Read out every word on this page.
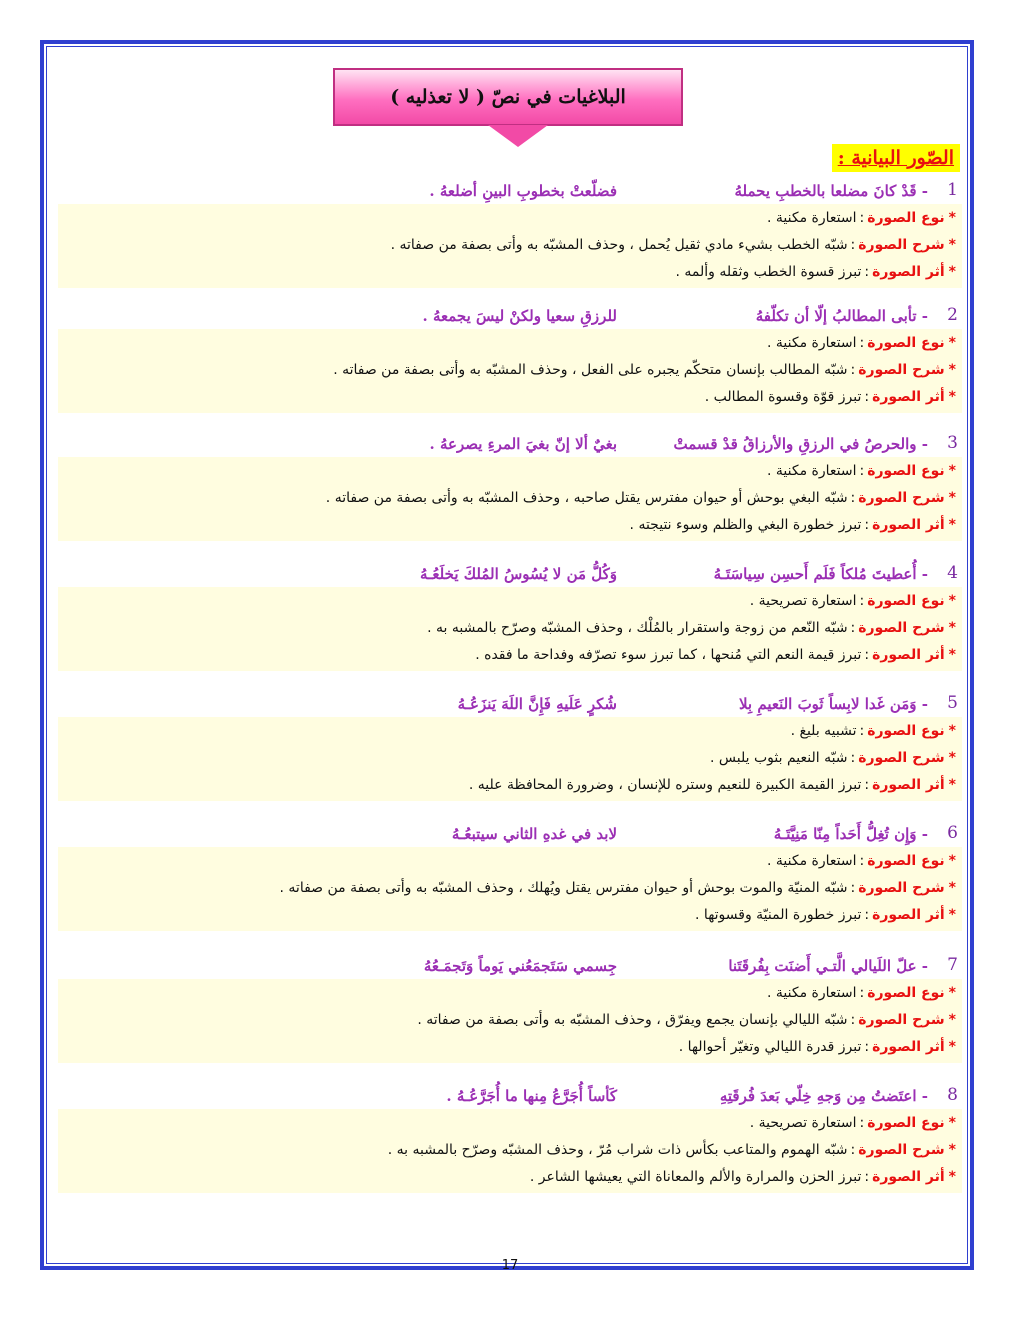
البلاغيات في نصّ ( لا تعذليه )
الصّور البيانية :
1
- قَدْ كانَ مضلعا بالخطبِ يحملهُ
فضلّعتْ بخطوبِ البينِ أضلعهُ .
*نوع الصورة:استعارة مكنية .
*شرح الصورة:شبّه الخطب بشيء مادي ثقيل يُحمل ، وحذف المشبّه به وأتى بصفة من صفاته .
*أثر الصورة:تبرز قسوة الخطب وثقله وألمه .
2
- تأبى المطالبُ إلّا أن تكلّفهُ
للرزقِ سعيا ولكنْ ليسَ يجمعهُ .
*نوع الصورة:استعارة مكنية .
*شرح الصورة:شبّه المطالب بإنسان متحكّم يجبره على الفعل ، وحذف المشبّه به وأتى بصفة من صفاته .
*أثر الصورة:تبرز قوّة وقسوة المطالب .
3
- والحرصُ في الرزقِ والأرزاقُ قدْ قسمتْ
بغيٌ ألا إنّ بغيَ المرءِ يصرعهُ .
*نوع الصورة:استعارة مكنية .
*شرح الصورة:شبّه البغي بوحش أو حيوان مفترس يقتل صاحبه ، وحذف المشبّه به وأتى بصفة من صفاته .
*أثر الصورة:تبرز خطورة البغي والظلم وسوء نتيجته .
4
- أُعطيتَ مُلكاً فَلَم أَحسِن سِياسَتَـهُ
وَكُلُّ مَن لا يُسُوسُ المُلكَ يَخلَعُـهُ
*نوع الصورة:استعارة تصريحية .
*شرح الصورة:شبّه النّعم من زوجة واستقرار بالمُلْك ، وحذف المشبّه وصرّح بالمشبه به .
*أثر الصورة:تبرز قيمة النعم التي مُنحها ، كما تبرز سوء تصرّفه وفداحة ما فقده .
5
- وَمَن غَدا لابِساً ثَوبَ النَعيمِ بِلا
شُكرٍ عَلَيهِ فَإِنَّ اللَهَ يَنزَعُـهُ
*نوع الصورة:تشبيه بليغ .
*شرح الصورة:شبّه النعيم بثوب يلبس .
*أثر الصورة:تبرز القيمة الكبيرة للنعيم وستره للإنسان ، وضرورة المحافظة عليه .
6
- وَإِن تُغِلُّ أَحَداً مِنّا مَنِيَّتَـهُ
لابد في غدهِ الثاني سيتبعُـهُ
*نوع الصورة:استعارة مكنية .
*شرح الصورة:شبّه المنيّة والموت بوحش أو حيوان مفترس يقتل ويُهلك ، وحذف المشبّه به وأتى بصفة من صفاته .
*أثر الصورة:تبرز خطورة المنيّة وقسوتها .
7
- علّ اللَيالي الَّتـي أَضنَت بِفُرقَتَنا
جِسمي سَتَجمَعُني يَوماً وَتَجمَـعُهُ
*نوع الصورة:استعارة مكنية .
*شرح الصورة:شبّه الليالي بإنسان يجمع ويفرّق ، وحذف المشبّه به وأتى بصفة من صفاته .
*أثر الصورة:تبرز قدرة الليالي وتغيّر أحوالها .
8
- اعتَضتُ مِن وَجهِ خِلّي بَعدَ فُرقَتِهِ
كَأساً أُجَرَّعُ مِنها ما أُجَرَّعُـهُ .
*نوع الصورة:استعارة تصريحية .
*شرح الصورة:شبّه الهموم والمتاعب بكأس ذات شراب مُرّ ، وحذف المشبّه وصرّح بالمشبه به .
*أثر الصورة:تبرز الحزن والمرارة والألم والمعاناة التي يعيشها الشاعر .
17
